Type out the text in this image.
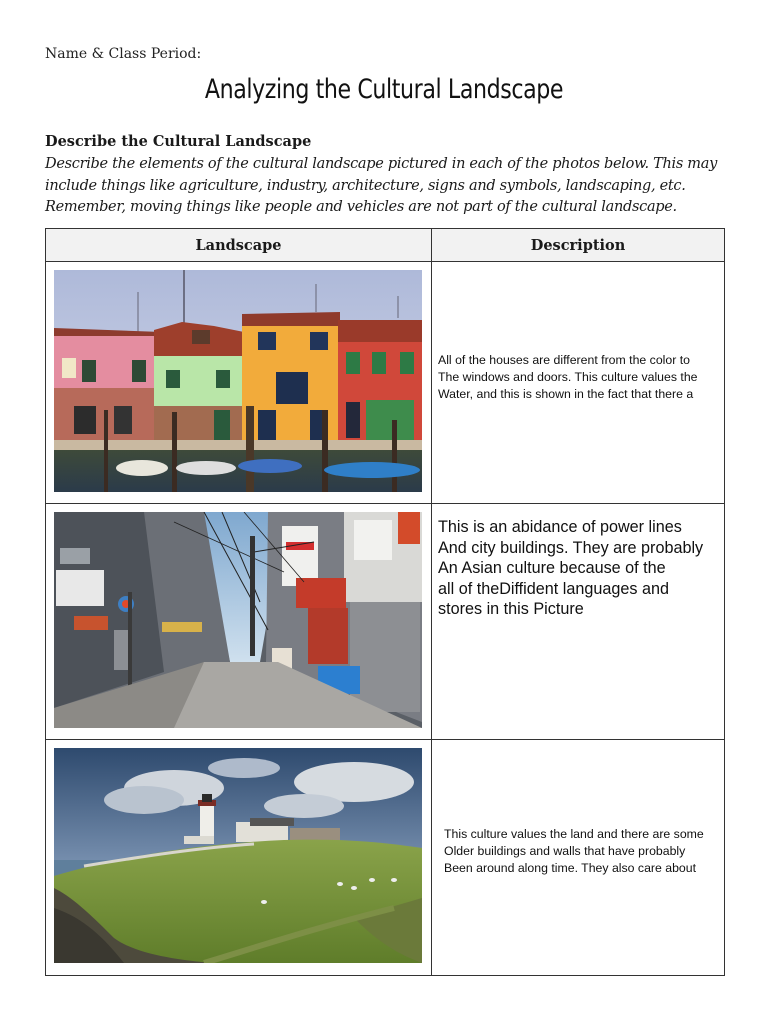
Name & Class Period:
Analyzing the Cultural Landscape
Describe the Cultural Landscape
Describe the elements of the cultural landscape pictured in each of the photos below. This may
include things like agriculture, industry, architecture, signs and symbols, landscaping, etc.
Remember, moving things like people and vehicles are not part of the cultural landscape.
Landscape	Description

All of the houses are different from the color to
The windows and doors. This culture values the
Water, and this is shown in the fact that there a

This is an abidance of power lines
And city buildings. They are probably
An Asian culture because of the
all of theDiffident languages and
stores in this Picture

This culture values the land and there are some
Older buildings and walls that have probably
Been around along time. They also care about
